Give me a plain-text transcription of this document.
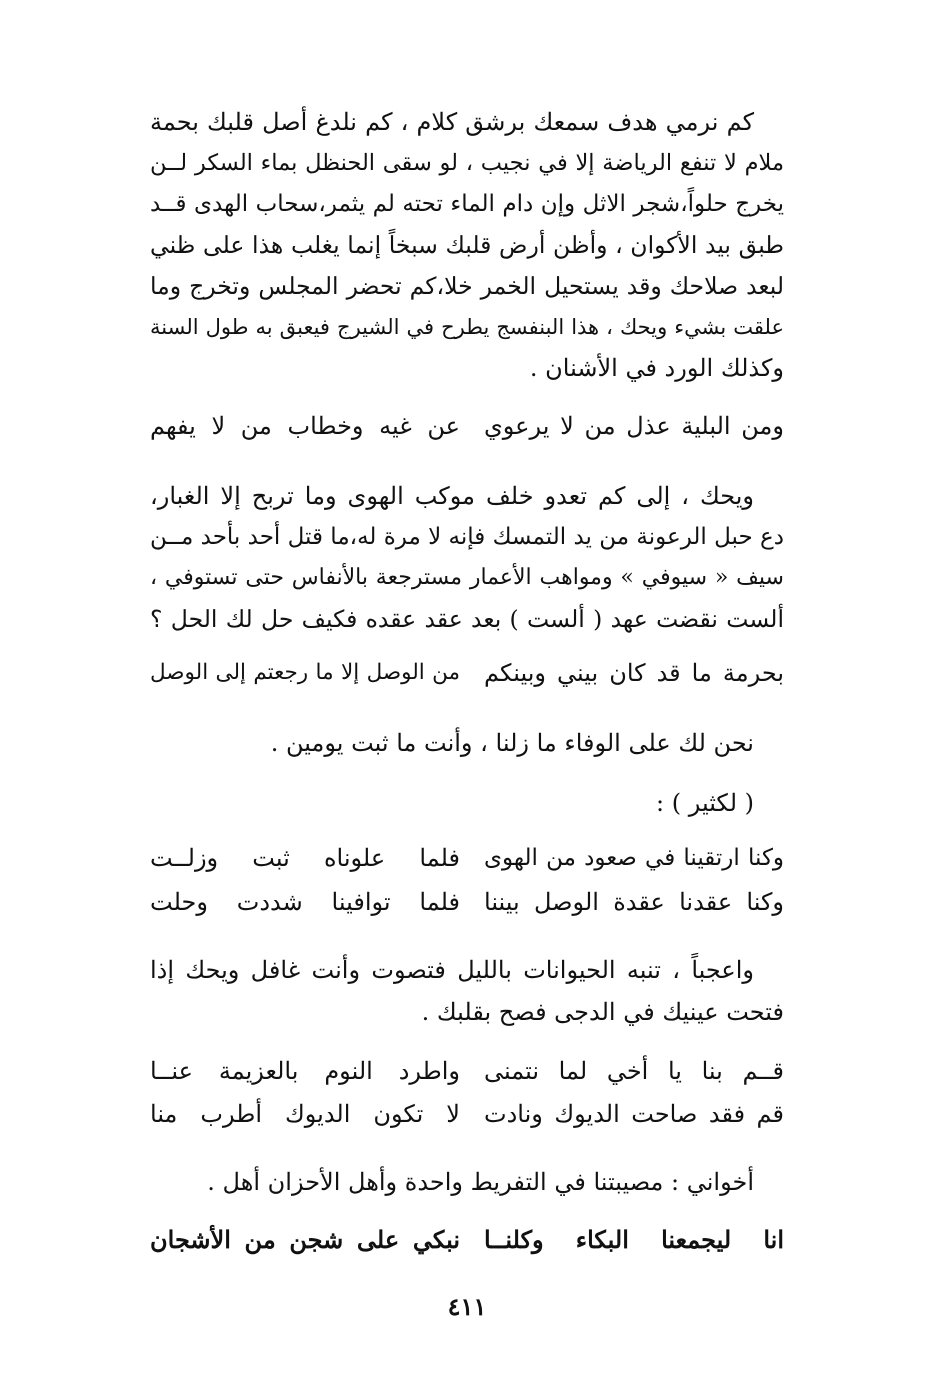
كم نرمي هدف سمعك برشق كلام ، كم نلدغ أصل قلبك بحمة
ملام لا تنفع الرياضة إلا في نجيب ، لو سقى الحنظل بماء السكر لــن
يخرج حلواً،شجر الاثل وإن دام الماء تحته لم يثمر،سحاب الهدى قــد
طبق بيد الأكوان ، وأظن أرض قلبك سبخاً إنما يغلب هذا على ظني
لبعد صلاحك وقد يستحيل الخمر خلا،كم تحضر المجلس وتخرج وما
علقت بشيء ويحك ، هذا البنفسج يطرح في الشيرج فيعبق به طول السنة
وكذلك الورد في الأشنان .
ومن البلية عذل من لا يرعوي
عن غيه وخطاب من لا يفهم
ويحك ، إلى كم تعدو خلف موكب الهوى وما تربح إلا الغبار،
دع حبل الرعونة من يد التمسك فإنه لا مرة له،ما قتل أحد بأحد مــن
سيف « سيوفي » ومواهب الأعمار مسترجعة بالأنفاس حتى تستوفي ،
ألست نقضت عهد ( ألست ) بعد عقد عقده فكيف حل لك الحل ؟
بحرمة ما قد كان بيني وبينكم
من الوصل إلا ما رجعتم إلى الوصل
نحن لك على الوفاء ما زلنا ، وأنت ما ثبت يومين .
( لكثير ) :
وكنا ارتقينا في صعود من الهوى
فلما علوناه ثبت وزلــت
وكنا عقدنا عقدة الوصل بيننا
فلما توافينا شددت وحلت
واعجباً ، تنبه الحيوانات بالليل فتصوت وأنت غافل ويحك إذا
فتحت عينيك في الدجى فصح بقلبك .
قــم بنا يا أخي لما نتمنى
واطرد النوم بالعزيمة عنــا
قم فقد صاحت الديوك ونادت
لا تكون الديوك أطرب منا
أخواني : مصيبتنا في التفريط واحدة وأهل الأحزان أهل .
انا ليجمعنا البكاء وكلنــا
نبكي على شجن من الأشجان
٤١١
